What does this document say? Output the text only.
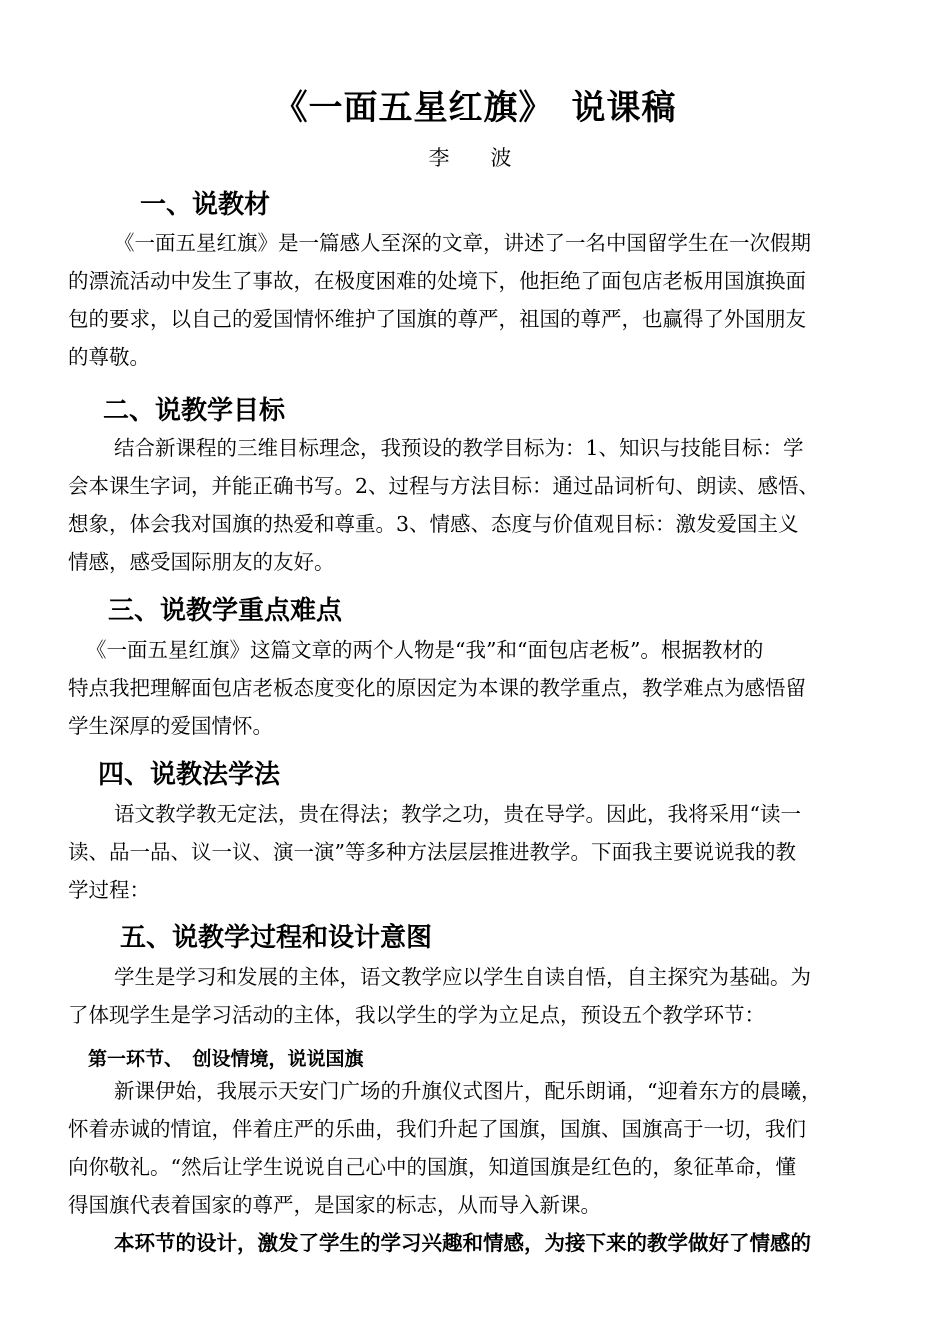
《一面五星红旗》　说课稿

李　波

一、说教材
《一面五星红旗》是一篇感人至深的文章，讲述了一名中国留学生在一次假期
的漂流活动中发生了事故，在极度困难的处境下，他拒绝了面包店老板用国旗换面
包的要求，以自己的爱国情怀维护了国旗的尊严，祖国的尊严，也赢得了外国朋友
的尊敬。
二、说教学目标
结合新课程的三维目标理念，我预设的教学目标为：1、知识与技能目标：学
会本课生字词，并能正确书写。2、过程与方法目标：通过品词析句、朗读、感悟、
想象，体会我对国旗的热爱和尊重。3、情感、态度与价值观目标：激发爱国主义
情感，感受国际朋友的友好。
三、说教学重点难点
《一面五星红旗》这篇文章的两个人物是“我”和“面包店老板”。根据教材的
特点我把理解面包店老板态度变化的原因定为本课的教学重点，教学难点为感悟留
学生深厚的爱国情怀。
四、说教法学法
语文教学教无定法，贵在得法；教学之功，贵在导学。因此，我将采用“读一
读、品一品、议一议、演一演”等多种方法层层推进教学。下面我主要说说我的教
学过程：
五、说教学过程和设计意图
学生是学习和发展的主体，语文教学应以学生自读自悟，自主探究为基础。为
了体现学生是学习活动的主体，我以学生的学为立足点，预设五个教学环节：
第一环节、　创设情境，说说国旗
新课伊始，我展示天安门广场的升旗仪式图片，配乐朗诵，“迎着东方的晨曦，
怀着赤诚的情谊，伴着庄严的乐曲，我们升起了国旗，国旗、国旗高于一切，我们
向你敬礼。“然后让学生说说自己心中的国旗，知道国旗是红色的，象征革命，懂
得国旗代表着国家的尊严，是国家的标志，从而导入新课。
本环节的设计，激发了学生的学习兴趣和情感，为接下来的教学做好了情感的
